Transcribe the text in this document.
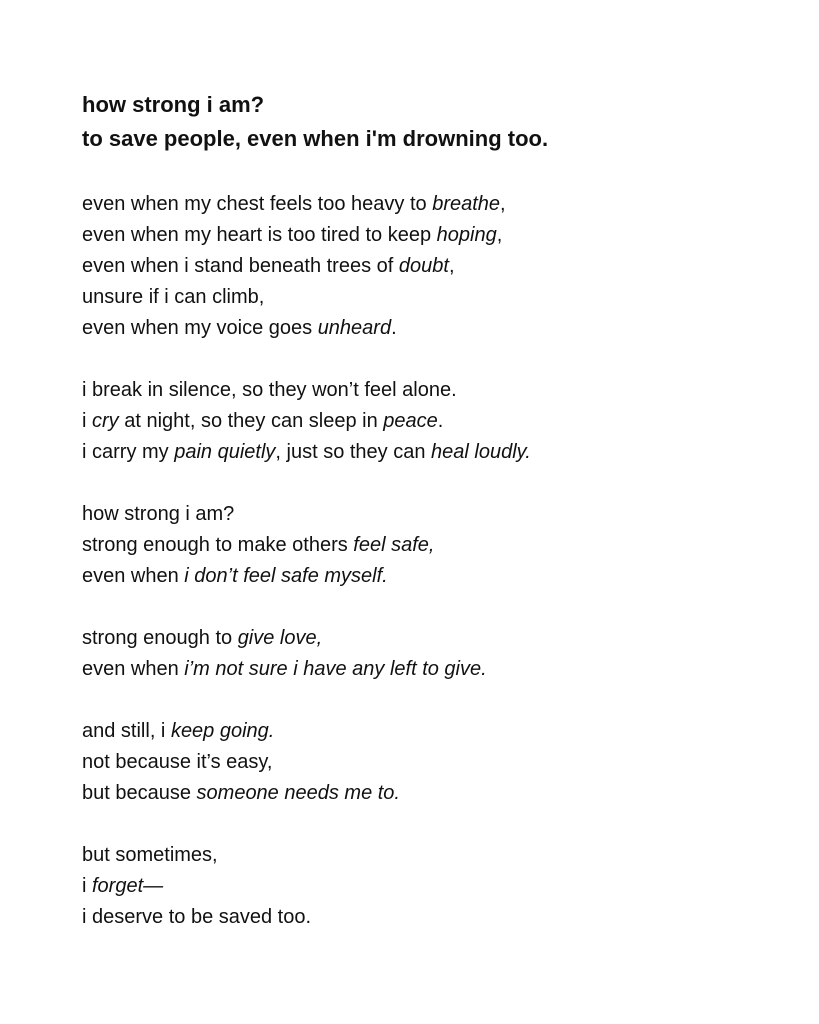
how strong i am?
to save people, even when i'm drowning too.

even when my chest feels too heavy to breathe,
even when my heart is too tired to keep hoping,
even when i stand beneath trees of doubt,
unsure if i can climb,
even when my voice goes unheard.

i break in silence, so they won’t feel alone.
i cry at night, so they can sleep in peace.
i carry my pain quietly, just so they can heal loudly.

how strong i am?
strong enough to make others feel safe,
even when i don’t feel safe myself.

strong enough to give love,
even when i’m not sure i have any left to give.

and still, i keep going.
not because it’s easy,
but because someone needs me to.

but sometimes,
i forget—
i deserve to be saved too.
